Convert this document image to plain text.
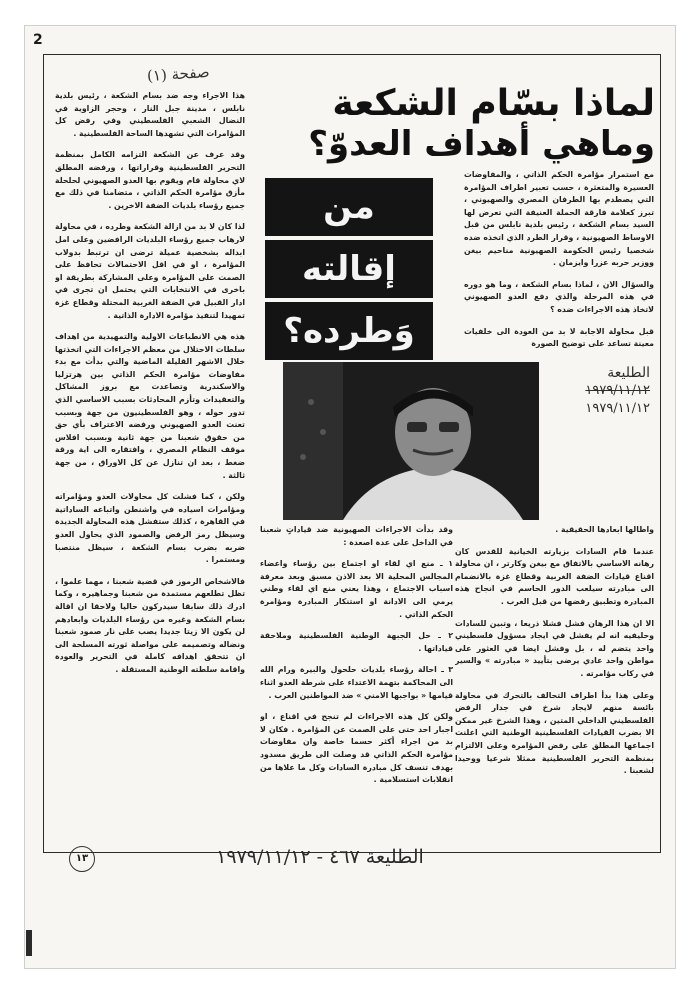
2
صفحة (١)
لماذا بسّام الشكعة
وماهي أهداف العدوّ؟
من
إقالته
وَطرده؟

هذا الاجراء وجه ضد بسام الشكعة ، رئيس بلدية نابلس ، مدينة جبل النار ، وحجر الزاوية في النضال الشعبي الفلسطيني وفي رفض كل المؤامرات التي تشهدها الساحة الفلسطينية .

وقد عرف عن الشكعة التزامه الكامل بمنظمة التحرير الفلسطينية وقراراتها ، ورفضه المطلق لاي محاولة قام ويقوم بها العدو الصهيوني لحلحلة مأزق مؤامرة الحكم الذاتي ، متضامنا في ذلك مع جميع رؤساء بلديات الضفة الاخرين .

لذا كان لا بد من ازالة الشكعة وطرده ، في محاولة لارهاب جميع رؤساء البلديات الرافضين وعلى امل ابداله بشخصية عميلة ترضى ان ترتبط بدولاب المؤامرة ، او في اقل الاحتمالات تحافظ على الصمت على المؤامرة وعلى المشاركة بطريقة او باخرى في الانتخابات التي يحتمل ان تجرى في ادار القبيل في الضفة الغربية المحتلة وقطاع غزة تمهيدا لتنفيذ مؤامرة الادارة الذاتية .

هذه هي الانطباعات الاولية والتمهيدية من اهداف سلطات الاحتلال من معظم الاجراءات التي اتخذتها خلال الاشهر القليلة الماضية والتي بدأت مع بدء مفاوضات مؤامرة الحكم الذاتي بين هرتزليا والاسكندرية وتصاعدت مع بروز المشاكل والتعقيدات وتأزم المحادثات بسبب الاساسي الذي تدور حوله ، وهو الفلسطينيون من جهة وبسبب تعنت العدو الصهيوني ورفضه الاعتراف بأي حق من حقوق شعبنا من جهة ثانية وبسبب افلاس موقف النظام المصري ، وافتقاره الى اية ورقة ضغط ، بعد ان تنازل عن كل الاوراق ، من جهة ثالثة .

ولكن ، كما فشلت كل محاولات العدو ومؤامراته ومؤامرات اسياده في واشنطن واتباعه الساداتية في القاهرة ، كذلك ستفشل هذه المحاولة الجديدة وسيظل رمز الرفض والصمود الذي يحاول العدو ضربه بضرب بسام الشكعة ، سيظل منتصبا ومستمرا .

فالاشخاص الرموز في قضية شعبنا ، مهما علموا ، تظل تطلعهم مستمدة من شعبنا وجماهيره ، وكما ادرك ذلك سابقا سيدركون حاليا ولاحقا ان اقالة بسام الشكعة وغيره من رؤساء البلديات وابعادهم لن يكون الا زيتا جديدا يصب على نار صمود شعبنا ونضاله وتصميمه على مواصلة ثورته المسلحة الى ان تتحقق اهدافه كاملة في التحرير والعودة واقامة سلطته الوطنية المستقلة .

مع استمرار مؤامرة الحكم الذاتي ، والمفاوضات العسيرة والمتعثرة ، حسب تعبير اطراف المؤامرة التي يصطدم بها الطرفان المصري والصهيوني ، تبرز كعلامة فارقة الحملة العنيفة التي تعرض لها السيد بسام الشكعة ، رئيس بلدية نابلس من قبل الاوساط الصهيونية ، وقرار الطرد الذي اتخذه ضده شخصيا رئيس الحكومة الصهيونية مناحيم بيغن ووزير حربه عزرا وايزمان .

والسؤال الان ، لماذا بسام الشكعة ، وما هو دوره في هذه المرحلة والذي دفع العدو الصهيوني لاتخاذ هذه الاجراءات ضده ؟

قبل محاولة الاجابة لا بد من العودة الى خلفيات معينة تساعد على توضيح الصورة

الطليعة
١٩٧٩/١١/١٢
١٩٧٩/١١/١٢

وقد بدأت الاجراءات الصهيونية ضد قياداتٍ شعبنا في الداخل على عدة اصعدة :

١ ـ منع اي لقاء او اجتماع بين رؤساء واعضاء المجالس المحلية الا بعد الاذن مسبق وبعد معرفة اسباب الاجتماع ، وهذا يعني منع اي لقاء وطني يرمي الى الادانة او استنكار المبادرة ومؤامرة الحكم الذاتي .

٢ ـ حل الجبهة الوطنية الفلسطينية وملاحقة قياداتها .

٣ ـ احالة رؤساء بلديات حلحول والبيرة ورام الله الى المحاكمة بتهمة الاعتداء على شرطة العدو اثناء قيامها « بواجبها الامني » ضد المواطنين العرب .

ولكن كل هذه الاجراءات لم تنجح في اقناع ، او اجبار احد حتى على الصمت عن المؤامرة . فكان لا بد من اجراء أكثر حسما خاصة وان مفاوضات مؤامرة الحكم الذاتي قد وصلت الى طريق مسدود بهدف تنسف كل مبادرة السادات وكل ما علاها من انقلابات استسلامية .

واطالها ابعادها الحقيقية .

عندما قام السادات بزيارته الخيانية للقدس كان رهانه الاساسي بالاتفاق مع بيغن وكارتر ، ان محاولة اقناع قيادات الضفة الغربية وقطاع غزة بالانضمام الى مبادرته سيلعب الدور الحاسم في انجاح هذه المبادرة وتطبيق رفضها من قبل العرب .

الا ان هذا الرهان فشل فشلا ذريعا ، وتبين للسادات وحليفيه انه لم يفشل في ايجاد مسؤول فلسطيني واحد يتضم له ، بل وفشل ايضا في العثور على مواطن واحد عادي يرضى بتأييد « مبادرته » والسير في ركاب مؤامرته .

وعلى هذا بدأ اطراف التحالف بالتحرك في محاولة بائسة منهم لايجاد شرخ في جدار الرفض الفلسطيني الداخلي المتين ، وهذا الشرخ غير ممكن الا بضرب القيادات الفلسطينية الوطنية التي اعلنت اجماعها المطلق على رفض المؤامرة وعلى الالتزام بمنظمة التحرير الفلسطينية ممثلا شرعيا ووحيدا لشعبنا .

١٣	الطليعة ٤٦٧ - ١٩٧٩/١١/١٢
